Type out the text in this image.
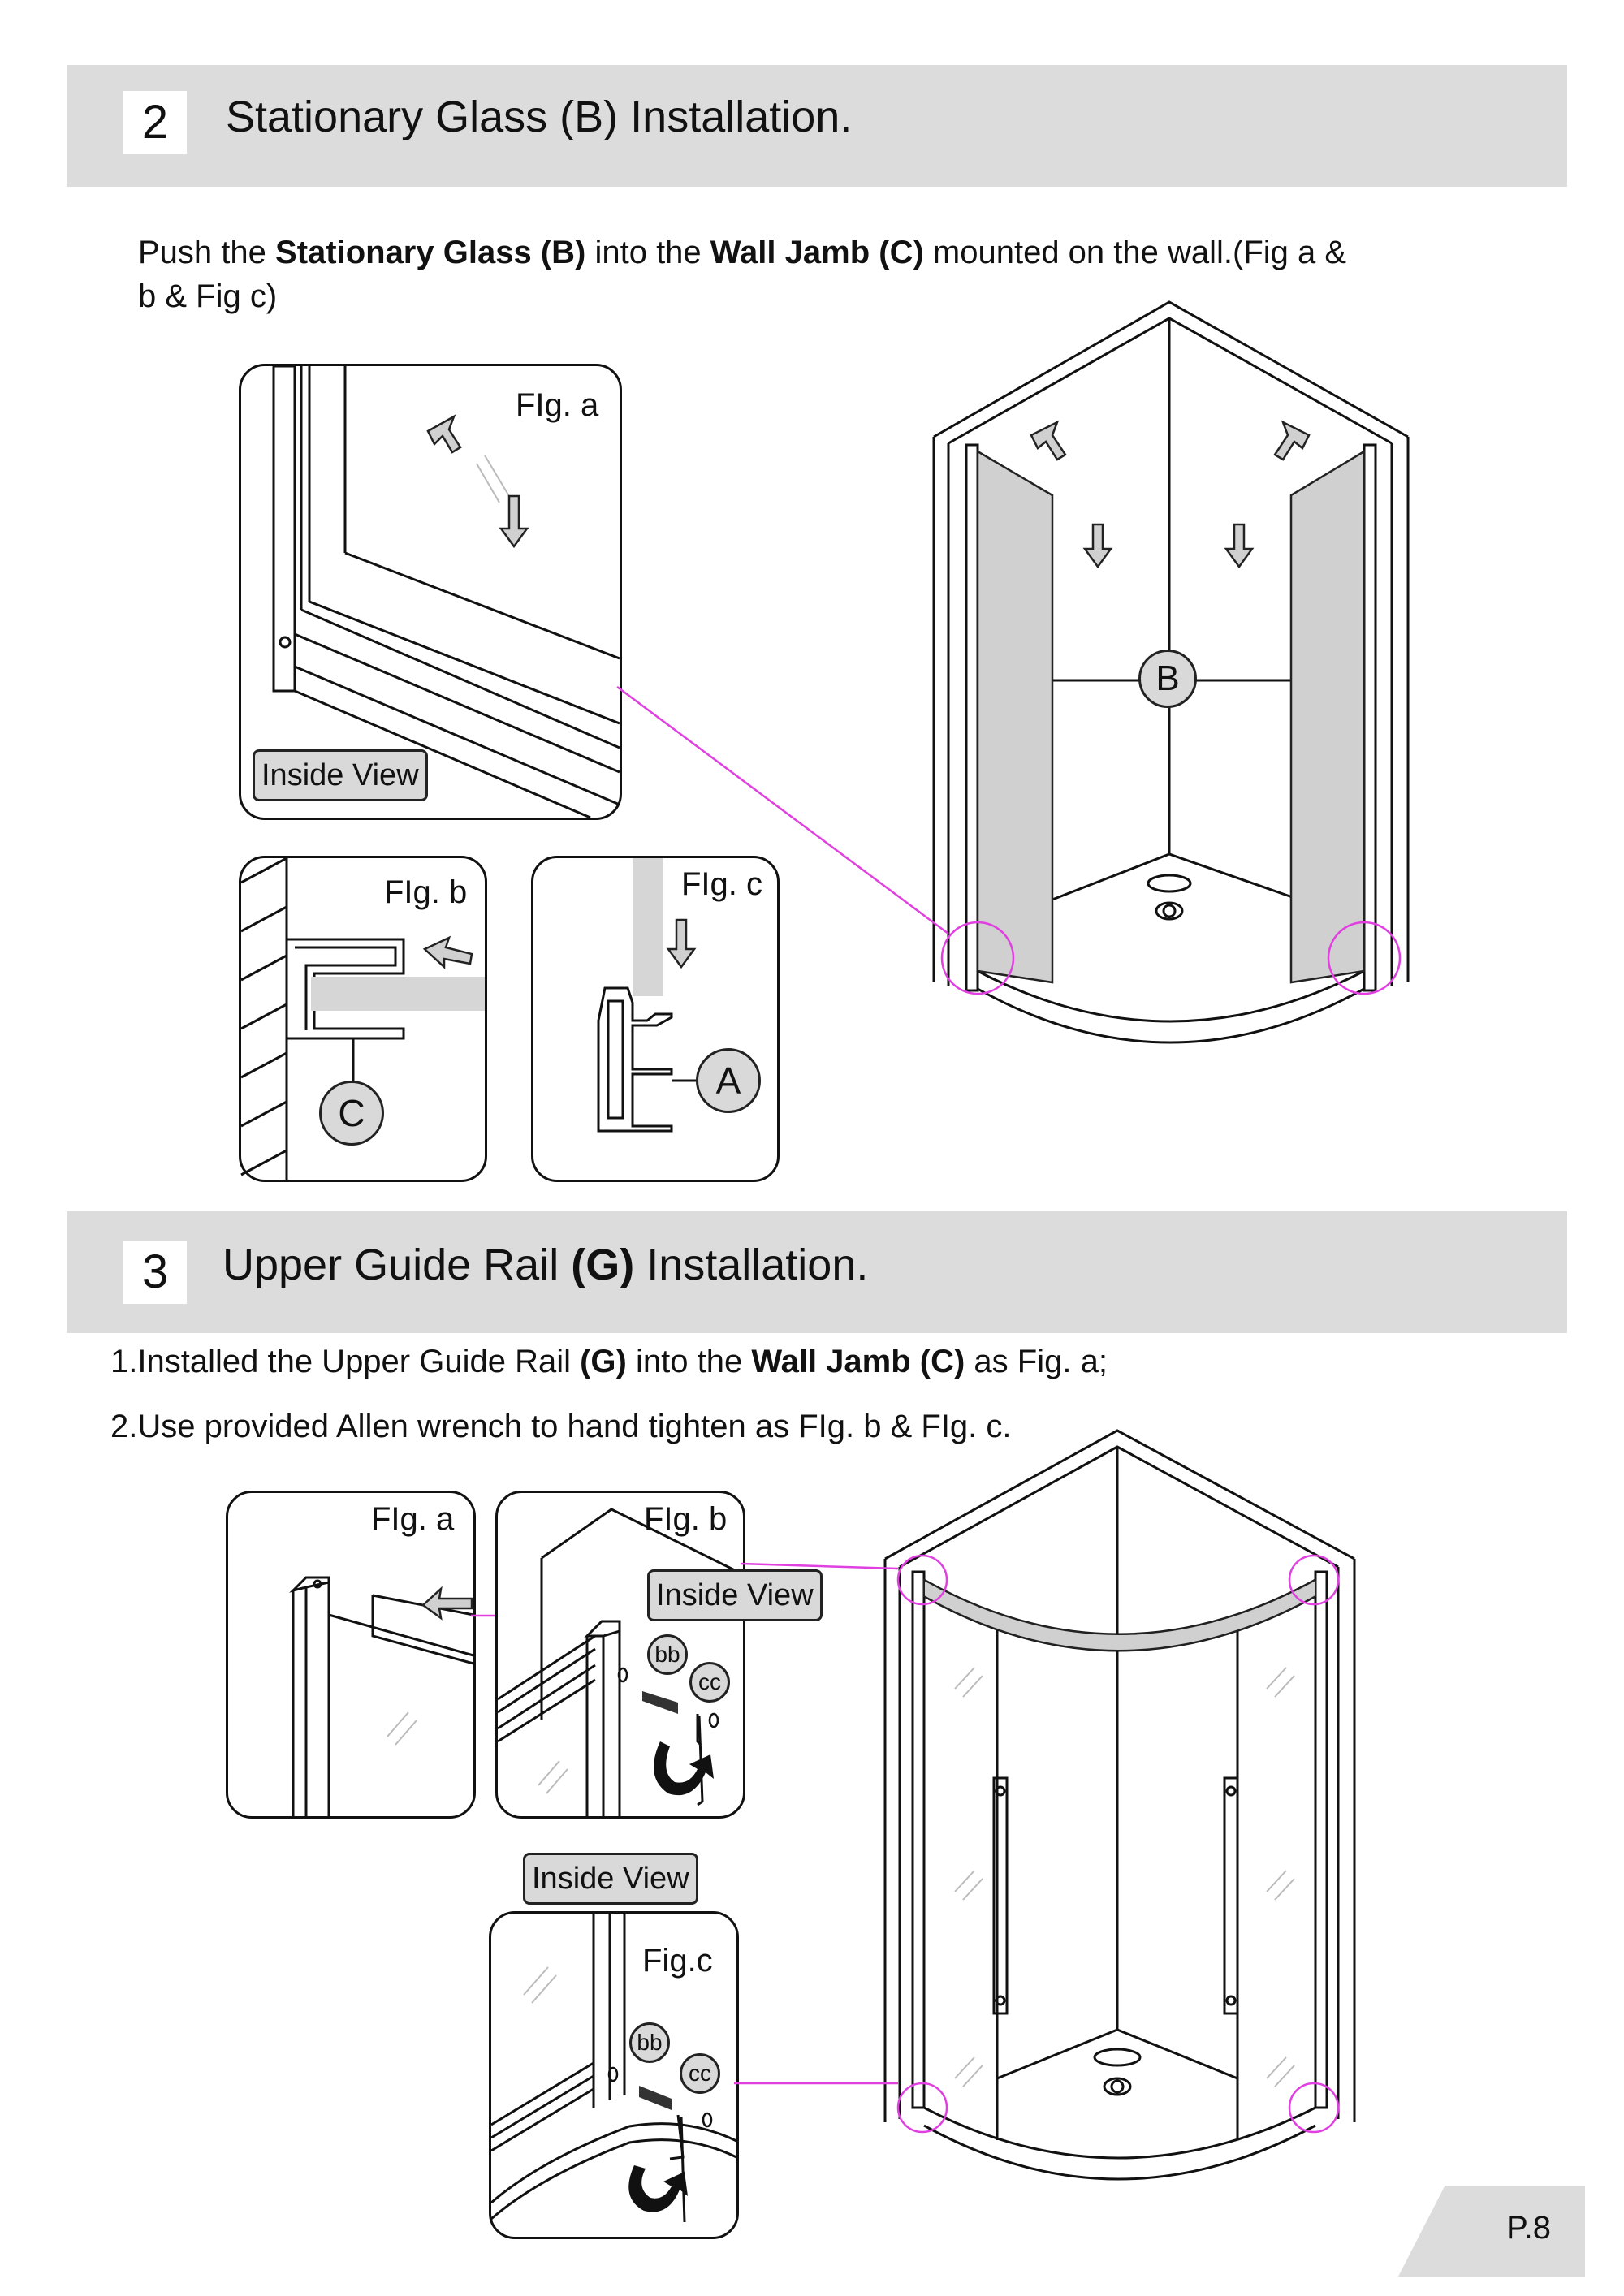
2	Stationary Glass (B) Installation.
Push the Stationary Glass (B) into the Wall Jamb (C) mounted on the wall.(Fig a &
b & Fig c)
FIg. a
Inside View
FIg. b
C
FIg. c
A
B
3	Upper Guide Rail (G) Installation.
1.Installed the Upper Guide Rail (G) into the Wall Jamb (C) as Fig. a;
2.Use provided Allen wrench to hand tighten as FIg. b & FIg. c.
FIg. a	FIg. b
Inside View
bb
cc
Inside View
Fig.c
bb
cc
P.8
